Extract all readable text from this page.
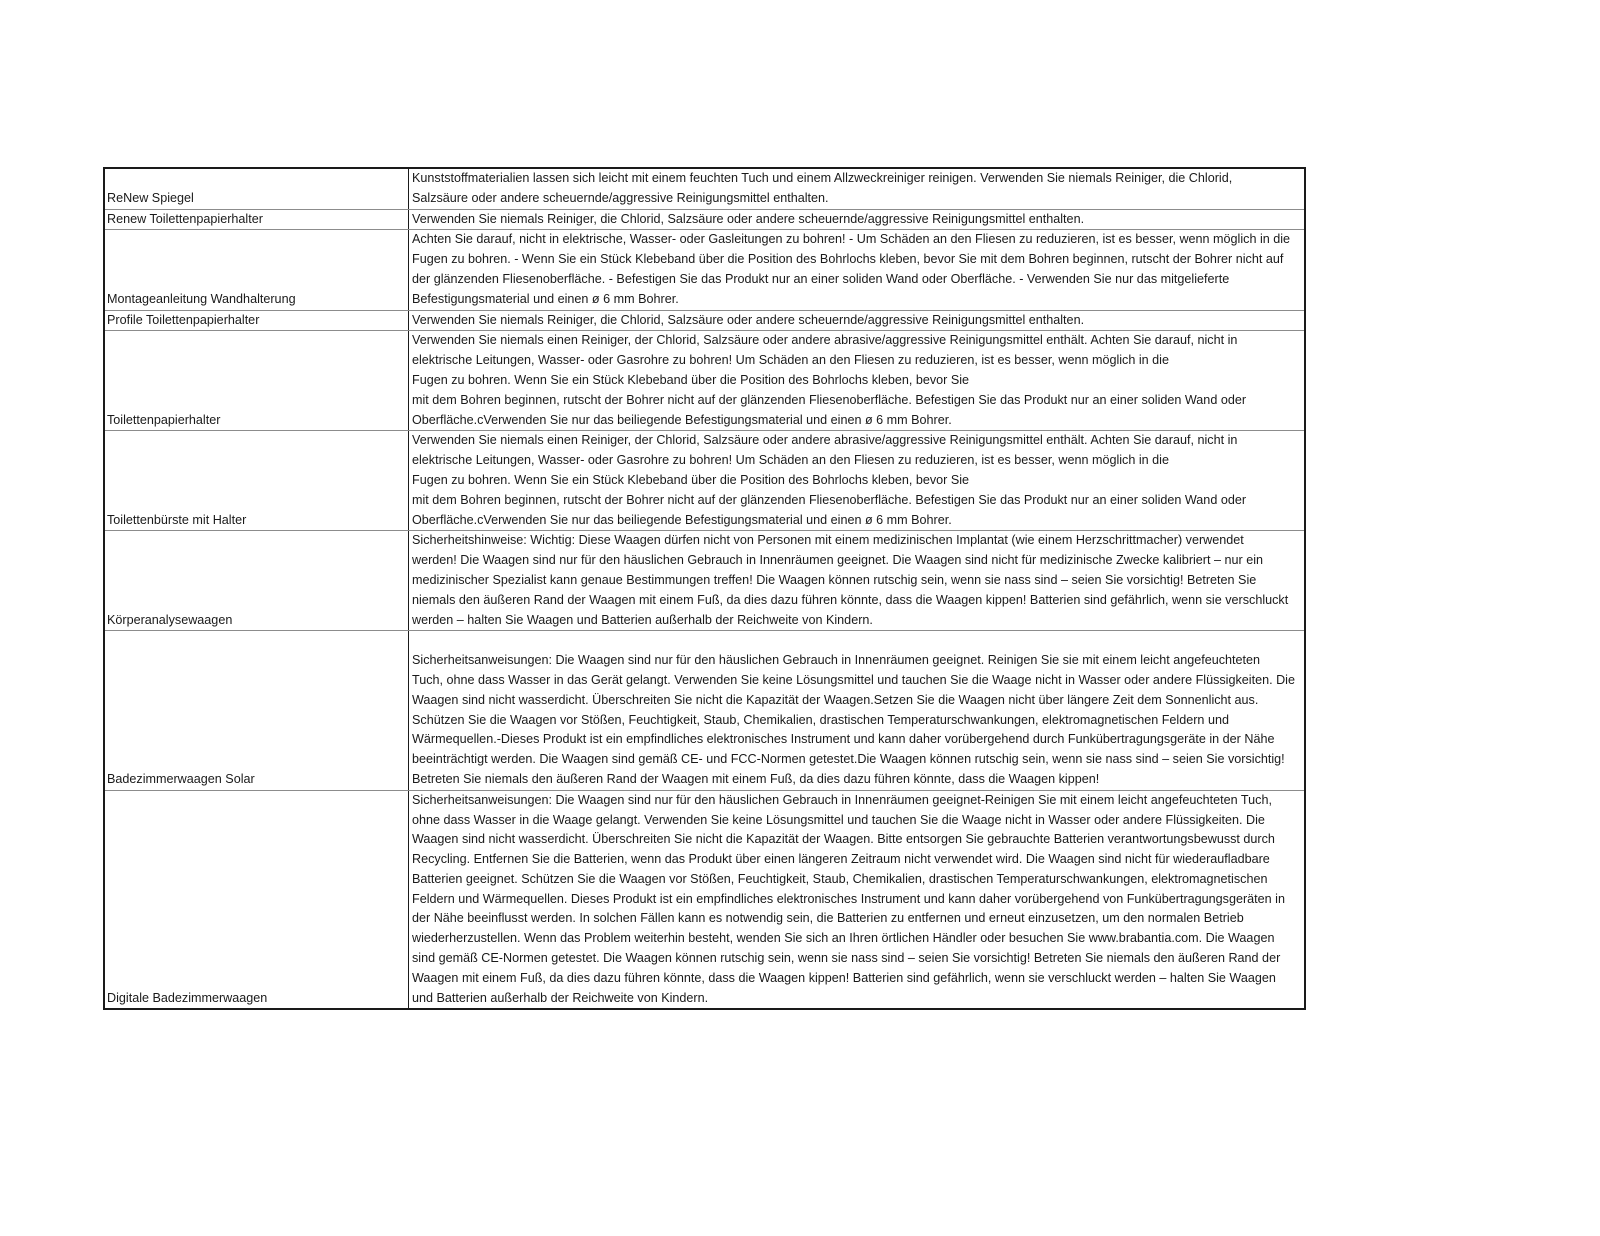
ReNew Spiegel
Kunststoffmaterialien lassen sich leicht mit einem feuchten Tuch und einem Allzweckreiniger reinigen. Verwenden Sie niemals Reiniger, die Chlorid,
Salzsäure oder andere scheuernde/aggressive Reinigungsmittel enthalten.
Renew Toilettenpapierhalter	Verwenden Sie niemals Reiniger, die Chlorid, Salzsäure oder andere scheuernde/aggressive Reinigungsmittel enthalten.
Montageanleitung Wandhalterung
Achten Sie darauf, nicht in elektrische, Wasser- oder Gasleitungen zu bohren! - Um Schäden an den Fliesen zu reduzieren, ist es besser, wenn möglich in die
Fugen zu bohren. - Wenn Sie ein Stück Klebeband über die Position des Bohrlochs kleben, bevor Sie mit dem Bohren beginnen, rutscht der Bohrer nicht auf
der glänzenden Fliesenoberfläche. - Befestigen Sie das Produkt nur an einer soliden Wand oder Oberfläche. - Verwenden Sie nur das mitgelieferte
Befestigungsmaterial und einen ø 6 mm Bohrer.
Profile Toilettenpapierhalter	Verwenden Sie niemals Reiniger, die Chlorid, Salzsäure oder andere scheuernde/aggressive Reinigungsmittel enthalten.
Toilettenpapierhalter
Verwenden Sie niemals einen Reiniger, der Chlorid, Salzsäure oder andere abrasive/aggressive Reinigungsmittel enthält. Achten Sie darauf, nicht in
elektrische Leitungen, Wasser- oder Gasrohre zu bohren! Um Schäden an den Fliesen zu reduzieren, ist es besser, wenn möglich in die
Fugen zu bohren. Wenn Sie ein Stück Klebeband über die Position des Bohrlochs kleben, bevor Sie
mit dem Bohren beginnen, rutscht der Bohrer nicht auf der glänzenden Fliesenoberfläche. Befestigen Sie das Produkt nur an einer soliden Wand oder
Oberfläche.cVerwenden Sie nur das beiliegende Befestigungsmaterial und einen ø 6 mm Bohrer.
Toilettenbürste mit Halter
Verwenden Sie niemals einen Reiniger, der Chlorid, Salzsäure oder andere abrasive/aggressive Reinigungsmittel enthält. Achten Sie darauf, nicht in
elektrische Leitungen, Wasser- oder Gasrohre zu bohren! Um Schäden an den Fliesen zu reduzieren, ist es besser, wenn möglich in die
Fugen zu bohren. Wenn Sie ein Stück Klebeband über die Position des Bohrlochs kleben, bevor Sie
mit dem Bohren beginnen, rutscht der Bohrer nicht auf der glänzenden Fliesenoberfläche. Befestigen Sie das Produkt nur an einer soliden Wand oder
Oberfläche.cVerwenden Sie nur das beiliegende Befestigungsmaterial und einen ø 6 mm Bohrer.
Körperanalysewaagen
Sicherheitshinweise: Wichtig: Diese Waagen dürfen nicht von Personen mit einem medizinischen Implantat (wie einem Herzschrittmacher) verwendet
werden! Die Waagen sind nur für den häuslichen Gebrauch in Innenräumen geeignet. Die Waagen sind nicht für medizinische Zwecke kalibriert – nur ein
medizinischer Spezialist kann genaue Bestimmungen treffen! Die Waagen können rutschig sein, wenn sie nass sind – seien Sie vorsichtig! Betreten Sie
niemals den äußeren Rand der Waagen mit einem Fuß, da dies dazu führen könnte, dass die Waagen kippen! Batterien sind gefährlich, wenn sie verschluckt
werden – halten Sie Waagen und Batterien außerhalb der Reichweite von Kindern.
Badezimmerwaagen Solar

Sicherheitsanweisungen: Die Waagen sind nur für den häuslichen Gebrauch in Innenräumen geeignet. Reinigen Sie sie mit einem leicht angefeuchteten
Tuch, ohne dass Wasser in das Gerät gelangt. Verwenden Sie keine Lösungsmittel und tauchen Sie die Waage nicht in Wasser oder andere Flüssigkeiten. Die
Waagen sind nicht wasserdicht. Überschreiten Sie nicht die Kapazität der Waagen.Setzen Sie die Waagen nicht über längere Zeit dem Sonnenlicht aus.
Schützen Sie die Waagen vor Stößen, Feuchtigkeit, Staub, Chemikalien, drastischen Temperaturschwankungen, elektromagnetischen Feldern und
Wärmequellen.-Dieses Produkt ist ein empfindliches elektronisches Instrument und kann daher vorübergehend durch Funkübertragungsgeräte in der Nähe
beeinträchtigt werden. Die Waagen sind gemäß CE- und FCC-Normen getestet.Die Waagen können rutschig sein, wenn sie nass sind – seien Sie vorsichtig!
Betreten Sie niemals den äußeren Rand der Waagen mit einem Fuß, da dies dazu führen könnte, dass die Waagen kippen!
Digitale Badezimmerwaagen
Sicherheitsanweisungen: Die Waagen sind nur für den häuslichen Gebrauch in Innenräumen geeignet-Reinigen Sie mit einem leicht angefeuchteten Tuch,
ohne dass Wasser in die Waage gelangt. Verwenden Sie keine Lösungsmittel und tauchen Sie die Waage nicht in Wasser oder andere Flüssigkeiten. Die
Waagen sind nicht wasserdicht. Überschreiten Sie nicht die Kapazität der Waagen. Bitte entsorgen Sie gebrauchte Batterien verantwortungsbewusst durch
Recycling. Entfernen Sie die Batterien, wenn das Produkt über einen längeren Zeitraum nicht verwendet wird. Die Waagen sind nicht für wiederaufladbare
Batterien geeignet. Schützen Sie die Waagen vor Stößen, Feuchtigkeit, Staub, Chemikalien, drastischen Temperaturschwankungen, elektromagnetischen
Feldern und Wärmequellen. Dieses Produkt ist ein empfindliches elektronisches Instrument und kann daher vorübergehend von Funkübertragungsgeräten in
der Nähe beeinflusst werden. In solchen Fällen kann es notwendig sein, die Batterien zu entfernen und erneut einzusetzen, um den normalen Betrieb
wiederherzustellen. Wenn das Problem weiterhin besteht, wenden Sie sich an Ihren örtlichen Händler oder besuchen Sie www.brabantia.com. Die Waagen
sind gemäß CE-Normen getestet. Die Waagen können rutschig sein, wenn sie nass sind – seien Sie vorsichtig! Betreten Sie niemals den äußeren Rand der
Waagen mit einem Fuß, da dies dazu führen könnte, dass die Waagen kippen! Batterien sind gefährlich, wenn sie verschluckt werden – halten Sie Waagen
und Batterien außerhalb der Reichweite von Kindern.
